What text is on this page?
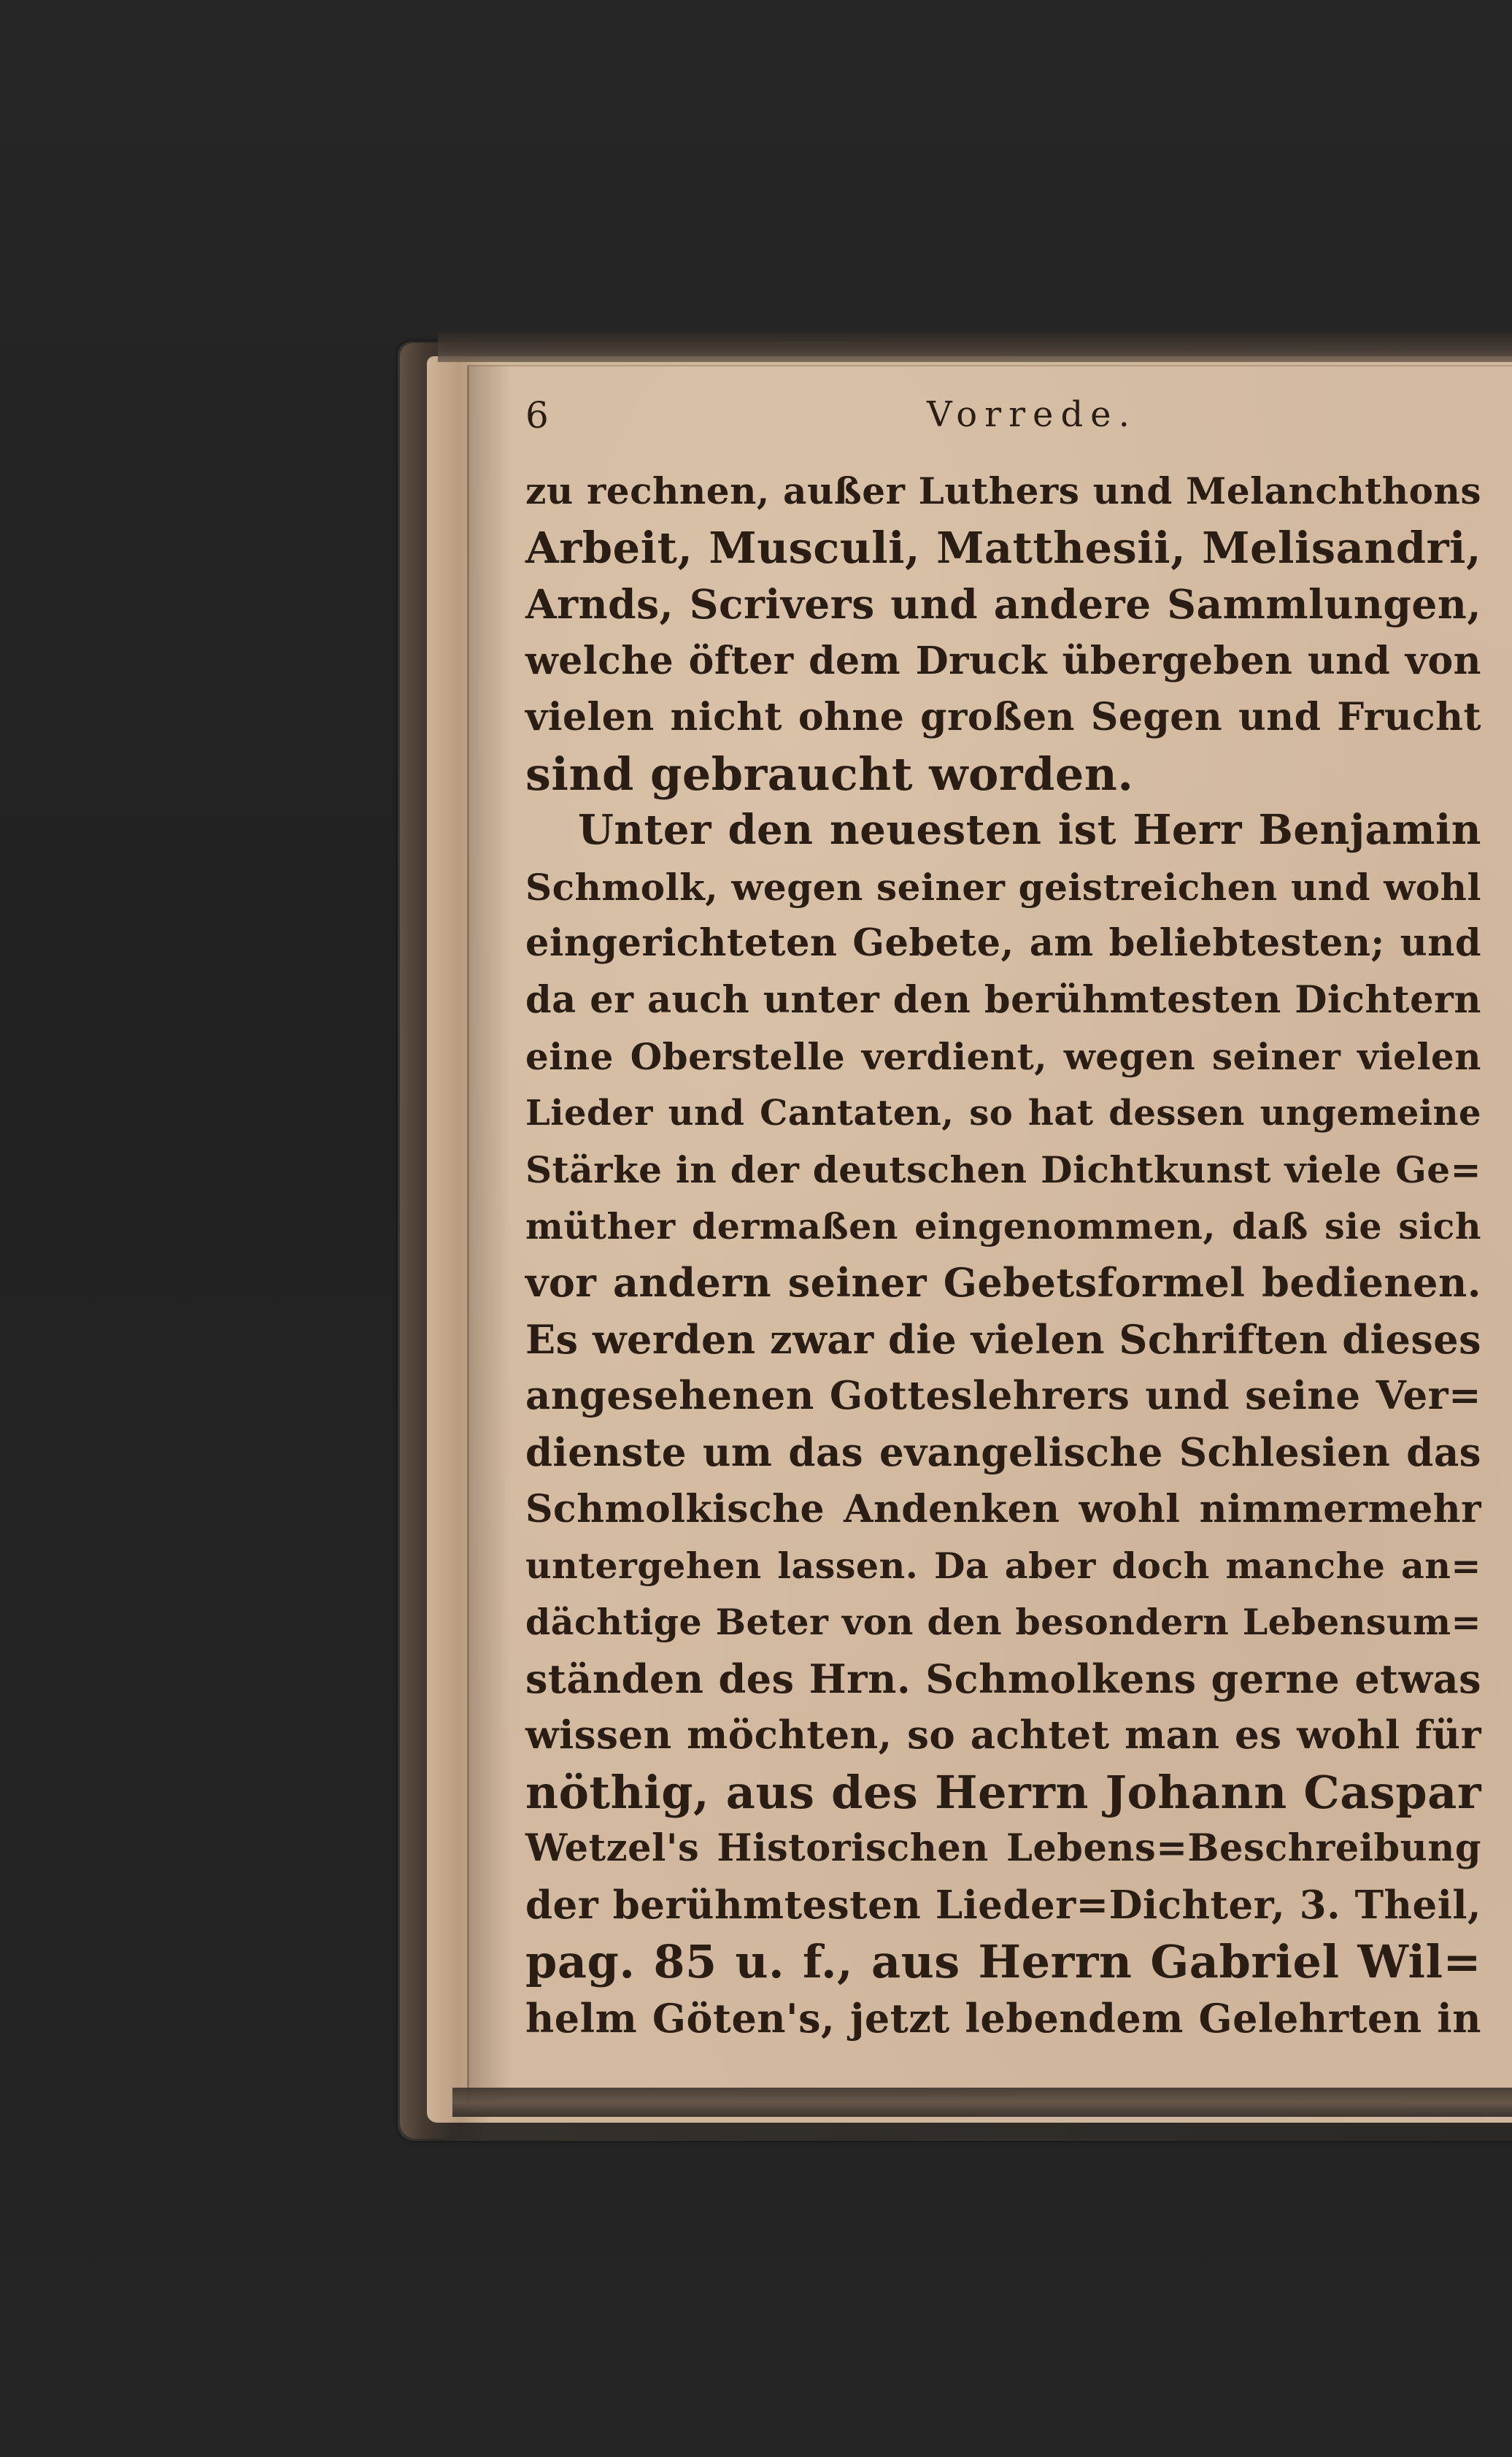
6	Vorrede.
zu rechnen, außer Luthers und Melanchthons
Arbeit, Musculi, Matthesii, Melisandri,
Arnds, Scrivers und andere Sammlungen,
welche öfter dem Druck übergeben und von
vielen nicht ohne großen Segen und Frucht
sind gebraucht worden.
Unter den neuesten ist Herr Benjamin
Schmolk, wegen seiner geistreichen und wohl
eingerichteten Gebete, am beliebtesten; und
da er auch unter den berühmtesten Dichtern
eine Oberstelle verdient, wegen seiner vielen
Lieder und Cantaten, so hat dessen ungemeine
Stärke in der deutschen Dichtkunst viele Ge=
müther dermaßen eingenommen, daß sie sich
vor andern seiner Gebetsformel bedienen.
Es werden zwar die vielen Schriften dieses
angesehenen Gotteslehrers und seine Ver=
dienste um das evangelische Schlesien das
Schmolkische Andenken wohl nimmermehr
untergehen lassen. Da aber doch manche an=
dächtige Beter von den besondern Lebensum=
ständen des Hrn. Schmolkens gerne etwas
wissen möchten, so achtet man es wohl für
nöthig, aus des Herrn Johann Caspar
Wetzel's Historischen Lebens=Beschreibung
der berühmtesten Lieder=Dichter, 3. Theil,
pag. 85 u. f., aus Herrn Gabriel Wil=
helm Göten's, jetzt lebendem Gelehrten in
